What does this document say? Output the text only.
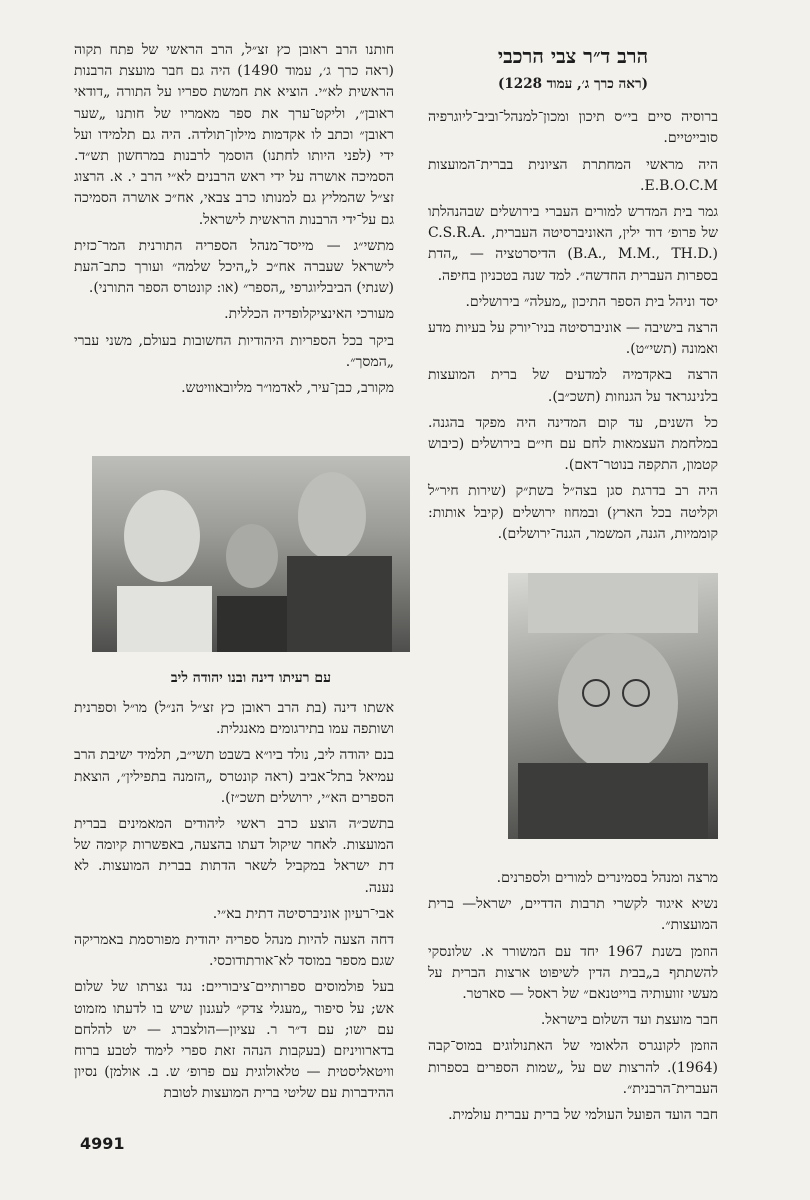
הרב ד״ר צבי הרכבי
(ראה כרך ג׳, עמוד 1228)

ברוסיה סיים בי״ס תיכון ומכון־למנהל־וביב־ליוגרפיה סובייטיים.

היה מראשי המחתרת הציונית בברית־המועצות E.B.O.C.M.

גמר בית המדרש למורים העברי בירושלים שבהנהלתו של פרופ׳ דוד ילין, האוניברסיטה העברית, C.S.R.A. (B.A., M.M., TH.D.) הדיסרטציה — „הדת בספרות העברית החדשה״. למד שנה בטכניון בחיפה.

יסד וניהל בית הספר התיכון „מעלה״ בירושלים.

הרצה בישיבה — אוניברסיטה בניו־יורק על בעיות מדע ואמונה (תשי״ט).

הרצה באקדמיה למדעים של ברית המועצות בלנינגראד על הגנוזות (תשכ״ב).

כל השנים, עד קום המדינה היה מפקד בהגנה. במלחמת העצמאות לחם עם חי״ם בירושלים (כיבוש קטמון, התקפה בנוטר־דאם).

היה רב בדרגת סגן בצה״ל בשת״ק (שירות חיר״ל וקליטה בכל הארץ) ובמחוז ירושלים (קיבל אותות: קוממיות, הגנה, המשמר, הגנה־ירושלים).

מרצה ומנהל בסמינרים למורים ולספרנים.

נשיא איגוד לקשרי תרבות הדדיים, ישראל— ברית המועצות״.

הוזמן בשנת 1967 יחד עם המשורר א. שלונסקי להשתתף ב„בבית הדין לשיפוט ארצות הברית על מעשי זוועותיה בוייטנאם״ של ראסל — סארטר.

חבר מועצת ועד השלום בישראל.

הוזמן לקונגרס הלאומי של האתנולוגים במוס־קבה (1964). להרצות שם על „שמות הספרים בספרות העברית־הרבנית״.

חבר הועד הפועל העולמי של ברית עברית עולמית.

חותנו הרב ראובן כץ זצ״ל, הרב הראשי של פתח תקוה (ראה כרך ג׳, עמוד 1490) היה גם חבר מועצת הרבנות הראשית לא״י. הוציא את חמשת ספריו על התורה „דודאי ראובן״, וליקט־ערך את ספר מאמריו של חותנו „שער ראובן״ וכתב לו אקדמות מילון־תולדה. היה גם תלמידו ועל ידי (לפני היותו לחתנו) הוסמך לרבנות במרחשון תש״ד. הסמיכה אושרה על ידי ראש הרבנים לא״י הרב י. א. הרצוג זצ״ל שהמליץ גם למנותו כרב צבאי, אח״כ אושרה הסמיכה גם על־ידי הרבנות הראשית לישראל.

מתשי״ג — מייסד־מנהל הספריה התורנית המר־כזית לישראל שעברה אח״כ ל„היכל שלמה״ ועורך כתב־העת (שנתי) הביבליוגרפי „הספר״ (או: קונטרס הספר התורני).

מעורכי האינציקלופדיה הכללית.

ביקר בכל הספריות היהודיות החשובות בעולם, משני עברי „המסך״.

מקורב, כבן־עיר, לאדמו״ר מליובאוויטש.

עם רעיתו דינה ובנו יהודה ליב

אשתו דינה (בת הרב ראובן כץ זצ״ל הנ״ל) מו״ל וספרנית ושותפה עמו בתירגומים מאנגלית.

בנם יהודה ליב, נולד ביו״א בשבט תשי״ב, תלמיד ישיבת הרב עמיאל בתל־אביב (ראה קונטרס „הזמנה בתפילין״, הוצאת הספרים הא״י, ירושלים תשכ״ז).

בתשכ״ה הוצע כרב ראשי ליהודים המאמינים בברית המועצות. לאחר שיקול דעתו בהצעה, באפשרות קיומה של דת ישראל במקביל לשאר הדתות בברית המועצות. לא נענה.

אבי־רעיון אוניברסיטה דתית בא״י.

דחה הצעה להיות מנהל ספריה יהודית מפורסמת באמריקה שגם מספר במוסד לא־אורתודוכסי.

בעל פולמוסים ספרותיים־ציבוריים: נגד גצרתו של שלום אש; על סיפור „מעגלי צדק״ לעגנון שיש בו לדעתו מזמוט עם ישו; עם ד״ר ר. עציון—הולצברג — יש להלחם בדארוויניזם (בעקבות הנהה זאת ספרי לימוד לטבע ברוח וויטאליסטית — טלאולוגית עם פרופ׳ ש. ב. אולמן) נסיון ההידברות עם שליטי ברית המועצות לטובת

4991
